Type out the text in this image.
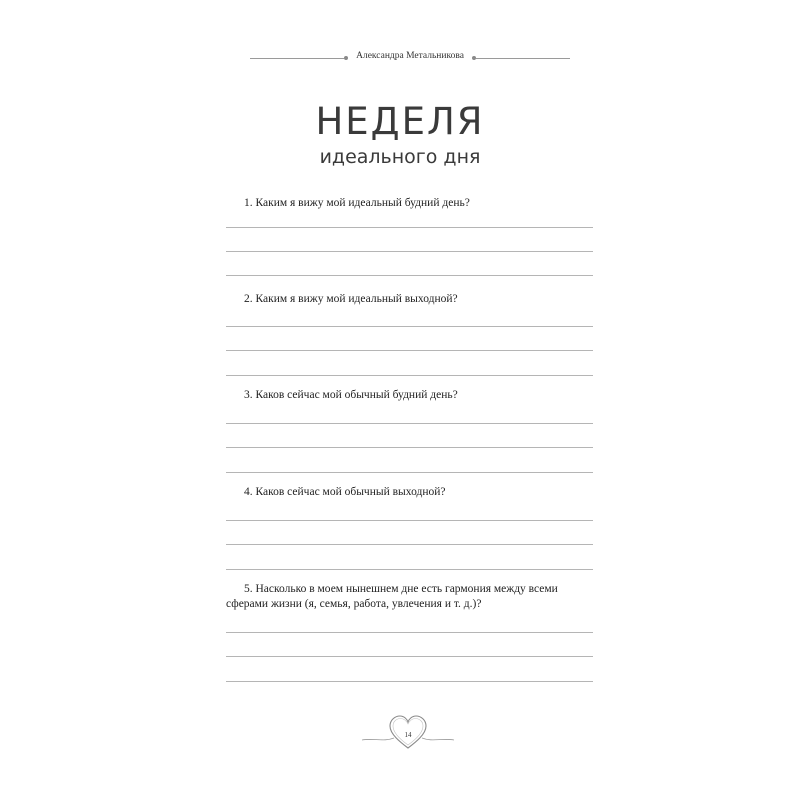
Александра Метальникова
НЕДЕЛЯ
идеального дня

1. Каким я вижу мой идеальный будний день?

2. Каким я вижу мой идеальный выходной?

3. Каков сейчас мой обычный будний день?

4. Каков сейчас мой обычный выходной?

5. Насколько в моем нынешнем дне есть гармония между всеми сферами жизни (я, семья, работа, увлечения и т. д.)?

14
